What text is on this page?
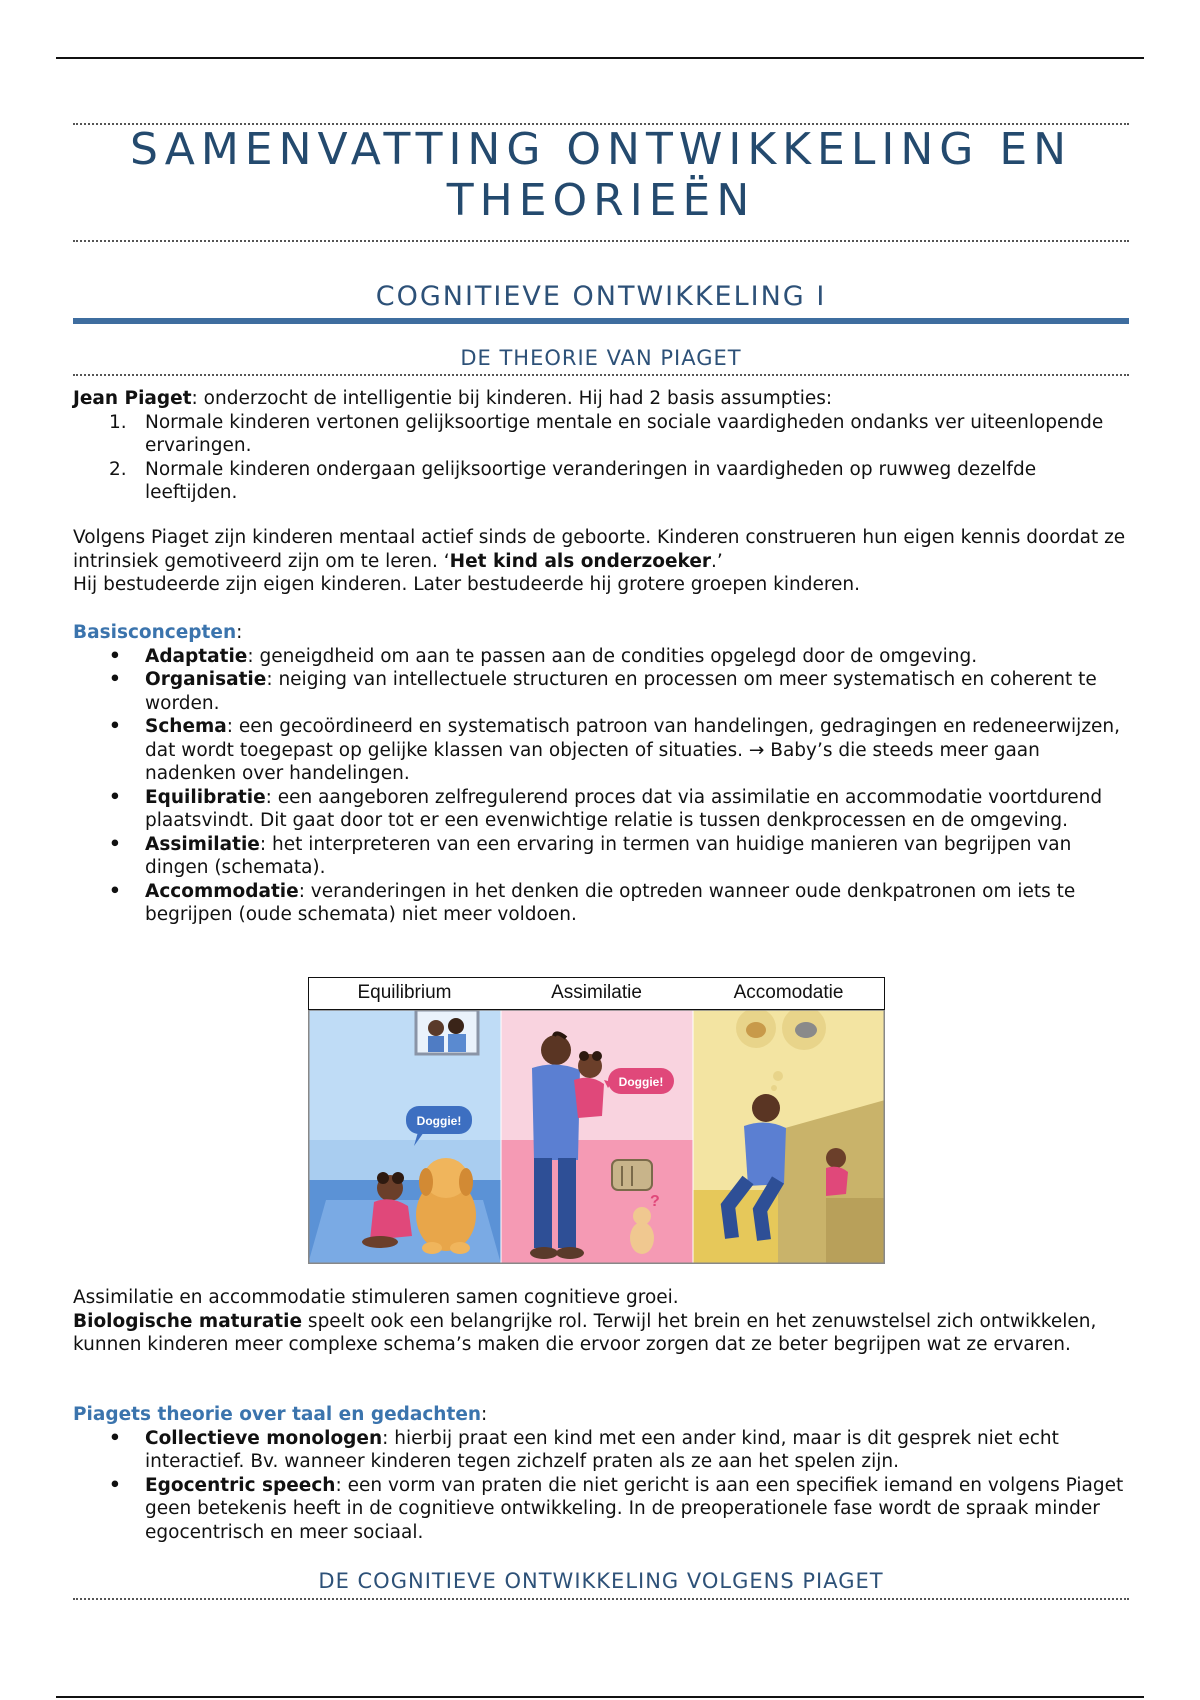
SAMENVATTING ONTWIKKELING EN
THEORIEËN
COGNITIEVE ONTWIKKELING I
DE THEORIE VAN PIAGET

Jean Piaget: onderzocht de intelligentie bij kinderen. Hij had 2 basis assumpties:

1. Normale kinderen vertonen gelijksoortige mentale en sociale vaardigheden ondanks ver uiteenlopende ervaringen.
2. Normale kinderen ondergaan gelijksoortige veranderingen in vaardigheden op ruwweg dezelfde leeftijden.

Volgens Piaget zijn kinderen mentaal actief sinds de geboorte. Kinderen construeren hun eigen kennis doordat ze intrinsiek gemotiveerd zijn om te leren. ‘Het kind als onderzoeker.’

Hij bestudeerde zijn eigen kinderen. Later bestudeerde hij grotere groepen kinderen.

Basisconcepten:

• Adaptatie: geneigdheid om aan te passen aan de condities opgelegd door de omgeving.
• Organisatie: neiging van intellectuele structuren en processen om meer systematisch en coherent te worden.
• Schema: een gecoördineerd en systematisch patroon van handelingen, gedragingen en redeneerwijzen, dat wordt toegepast op gelijke klassen van objecten of situaties. → Baby’s die steeds meer gaan nadenken over handelingen.
• Equilibratie: een aangeboren zelfregulerend proces dat via assimilatie en accommodatie voortdurend plaatsvindt. Dit gaat door tot er een evenwichtige relatie is tussen denkprocessen en de omgeving.
• Assimilatie: het interpreteren van een ervaring in termen van huidige manieren van begrijpen van dingen (schemata).
• Accommodatie: veranderingen in het denken die optreden wanneer oude denkpatronen om iets te begrijpen (oude schemata) niet meer voldoen.
Equilibrium	Assimilatie	Accomodatie
Doggie!
Doggie!
?

Assimilatie en accommodatie stimuleren samen cognitieve groei.

Biologische maturatie speelt ook een belangrijke rol. Terwijl het brein en het zenuwstelsel zich ontwikkelen, kunnen kinderen meer complexe schema’s maken die ervoor zorgen dat ze beter begrijpen wat ze ervaren.

Piagets theorie over taal en gedachten:

• Collectieve monologen: hierbij praat een kind met een ander kind, maar is dit gesprek niet echt interactief. Bv. wanneer kinderen tegen zichzelf praten als ze aan het spelen zijn.
• Egocentric speech: een vorm van praten die niet gericht is aan een specifiek iemand en volgens Piaget geen betekenis heeft in de cognitieve ontwikkeling. In de preoperationele fase wordt de spraak minder egocentrisch en meer sociaal.
DE COGNITIEVE ONTWIKKELING VOLGENS PIAGET
